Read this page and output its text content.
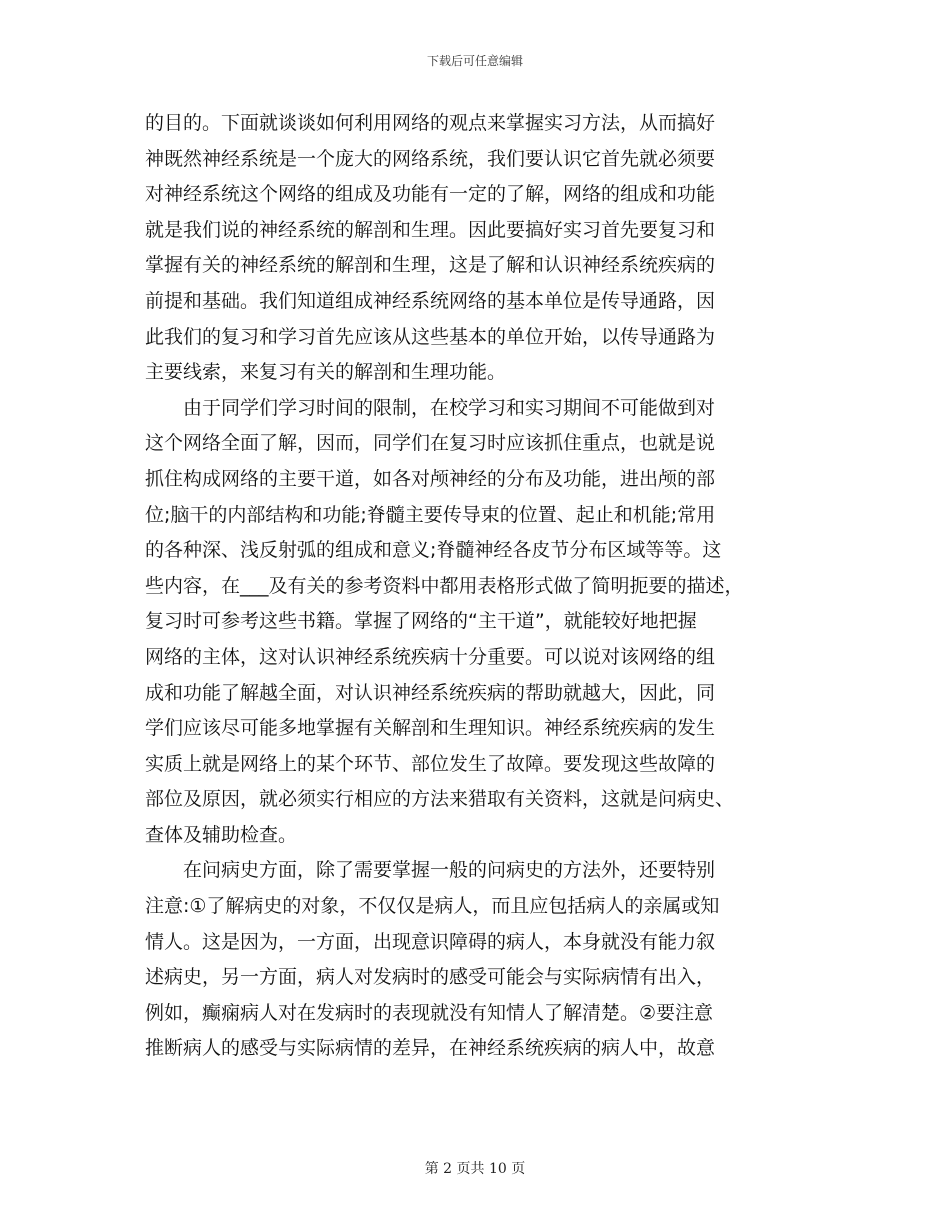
下载后可任意编辑
的目的。下面就谈谈如何利用网络的观点来掌握实习方法，从而搞好
神既然神经系统是一个庞大的网络系统，我们要认识它首先就必须要
对神经系统这个网络的组成及功能有一定的了解，网络的组成和功能
就是我们说的神经系统的解剖和生理。因此要搞好实习首先要复习和
掌握有关的神经系统的解剖和生理，这是了解和认识神经系统疾病的
前提和基础。我们知道组成神经系统网络的基本单位是传导通路，因
此我们的复习和学习首先应该从这些基本的单位开始，以传导通路为
主要线索，来复习有关的解剖和生理功能。
　　由于同学们学习时间的限制，在校学习和实习期间不可能做到对
这个网络全面了解，因而，同学们在复习时应该抓住重点，也就是说
抓住构成网络的主要干道，如各对颅神经的分布及功能，进出颅的部
位;脑干的内部结构和功能;脊髓主要传导束的位置、起止和机能;常用
的各种深、浅反射弧的组成和意义;脊髓神经各皮节分布区域等等。这
些内容，在___及有关的参考资料中都用表格形式做了简明扼要的描述，
复习时可参考这些书籍。掌握了网络的“主干道”，就能较好地把握
网络的主体，这对认识神经系统疾病十分重要。可以说对该网络的组
成和功能了解越全面，对认识神经系统疾病的帮助就越大，因此，同
学们应该尽可能多地掌握有关解剖和生理知识。神经系统疾病的发生
实质上就是网络上的某个环节、部位发生了故障。要发现这些故障的
部位及原因，就必须实行相应的方法来猎取有关资料，这就是问病史、
查体及辅助检查。
　　在问病史方面，除了需要掌握一般的问病史的方法外，还要特别
注意:①了解病史的对象，不仅仅是病人，而且应包括病人的亲属或知
情人。这是因为，一方面，出现意识障碍的病人，本身就没有能力叙
述病史，另一方面，病人对发病时的感受可能会与实际病情有出入，
例如，癫痫病人对在发病时的表现就没有知情人了解清楚。②要注意
推断病人的感受与实际病情的差异，在神经系统疾病的病人中，故意
第 2 页共 10 页
